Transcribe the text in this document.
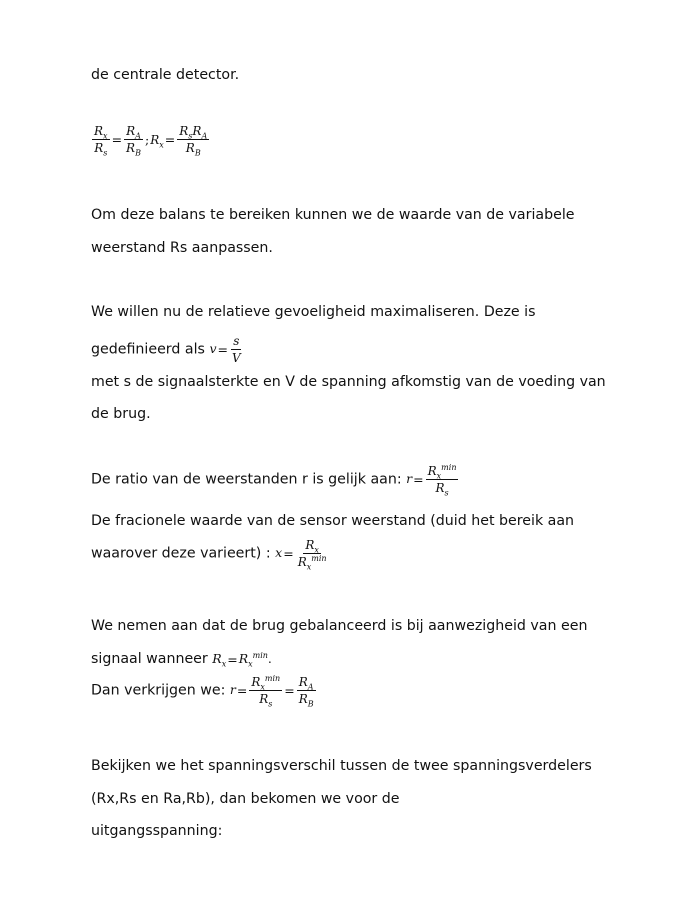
de centrale detector.
$\frac{R_x}{R_s} = \frac{R_A}{R_B}$ $;R_x= \frac{R_sR_A}{R_B}$
Om deze balans te bereiken kunnen we de waarde van de variabele
weerstand Rs aanpassen.
We willen nu de relatieve gevoeligheid maximaliseren. Deze is
gedefinieerd als $v= \frac{s}{V}$
met s de signaalsterkte en V de spanning afkomstig van de voeding van
de brug.
De ratio van de weerstanden r is gelijk aan: $r= \frac{R_x^{min}}{R_s}$
De fracionele waarde van de sensor weerstand (duid het bereik aan
waarover deze varieert) : $x= \frac{R_x}{R_x^{min}}$
We nemen aan dat de brug gebalanceerd is bij aanwezigheid van een
signaal wanneer $R_x=R_x^{min}$.
Dan verkrijgen we: $r= \frac{R_x^{min}}{R_s} = \frac{R_A}{R_B}$
Bekijken we het spanningsverschil tussen de twee spanningsverdelers
(Rx,Rs en Ra,Rb), dan bekomen we voor de
uitgangsspanning:
